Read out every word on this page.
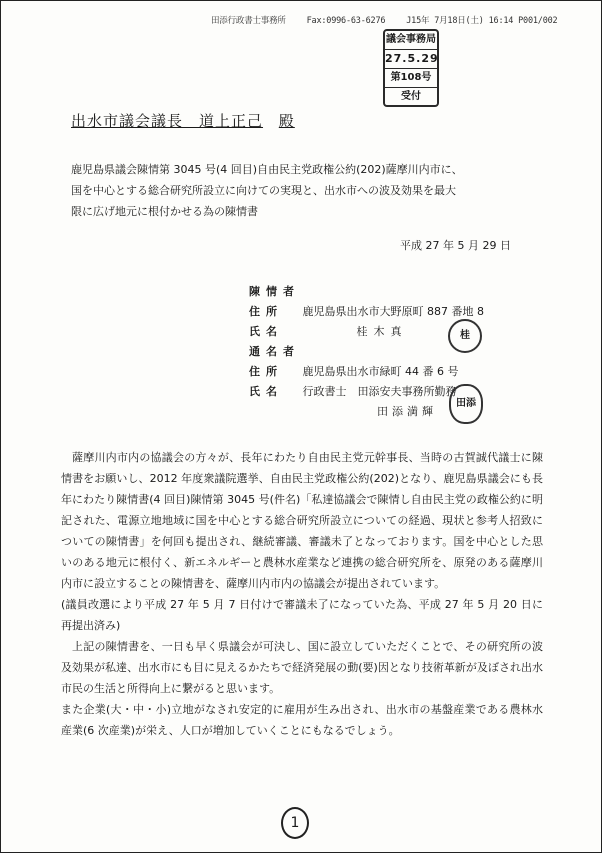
田添行政書士事務所 Fax:0996-63-6276 J15年 7月18日(土) 16:14 P001/002
議会事務局
27.5.29
第108号
受付
出水市議会議長　道上正己 殿
鹿児島県議会陳情第 3045 号(4 回目)自由民主党政権公約(202)薩摩川内市に、
国を中心とする総合研究所設立に向けての実現と、出水市への波及効果を最大
限に広げ地元に根付かせる為の陳情書
平成 27 年 5 月 29 日
陳情者
住所 鹿児島県出水市大野原町 887 番地 8
氏名	桂木真
通名者
住所 鹿児島県出水市緑町 44 番 6 号
氏名 行政書士　田添安夫事務所勤務
田添満輝
桂
田添

薩摩川内市内の協議会の方々が、長年にわたり自由民主党元幹事長、当時の古賀誠代議士に陳情書をお願いし、2012 年度衆議院選挙、自由民主党政権公約(202)となり、鹿児島県議会にも長年にわたり陳情書(4 回目)陳情第 3045 号(件名)「私達協議会で陳情し自由民主党の政権公約に明記された、電源立地地域に国を中心とする総合研究所設立についての経過、現状と参考人招致についての陳情書」を何回も提出され、継続審議、審議未了となっております。国を中心とした思いのある地元に根付く、新エネルギーと農林水産業など連携の総合研究所を、原発のある薩摩川内市に設立することの陳情書を、薩摩川内市内の協議会が提出されています。

(議員改選により平成 27 年 5 月 7 日付けで審議未了になっていた為、平成 27 年 5 月 20 日に再提出済み)

上記の陳情書を、一日も早く県議会が可決し、国に設立していただくことで、その研究所の波及効果が私達、出水市にも目に見えるかたちで経済発展の動(要)因となり技術革新が及ぼされ出水市民の生活と所得向上に繋がると思います。

また企業(大・中・小)立地がなされ安定的に雇用が生み出され、出水市の基盤産業である農林水産業(6 次産業)が栄え、人口が増加していくことにもなるでしょう。

1
